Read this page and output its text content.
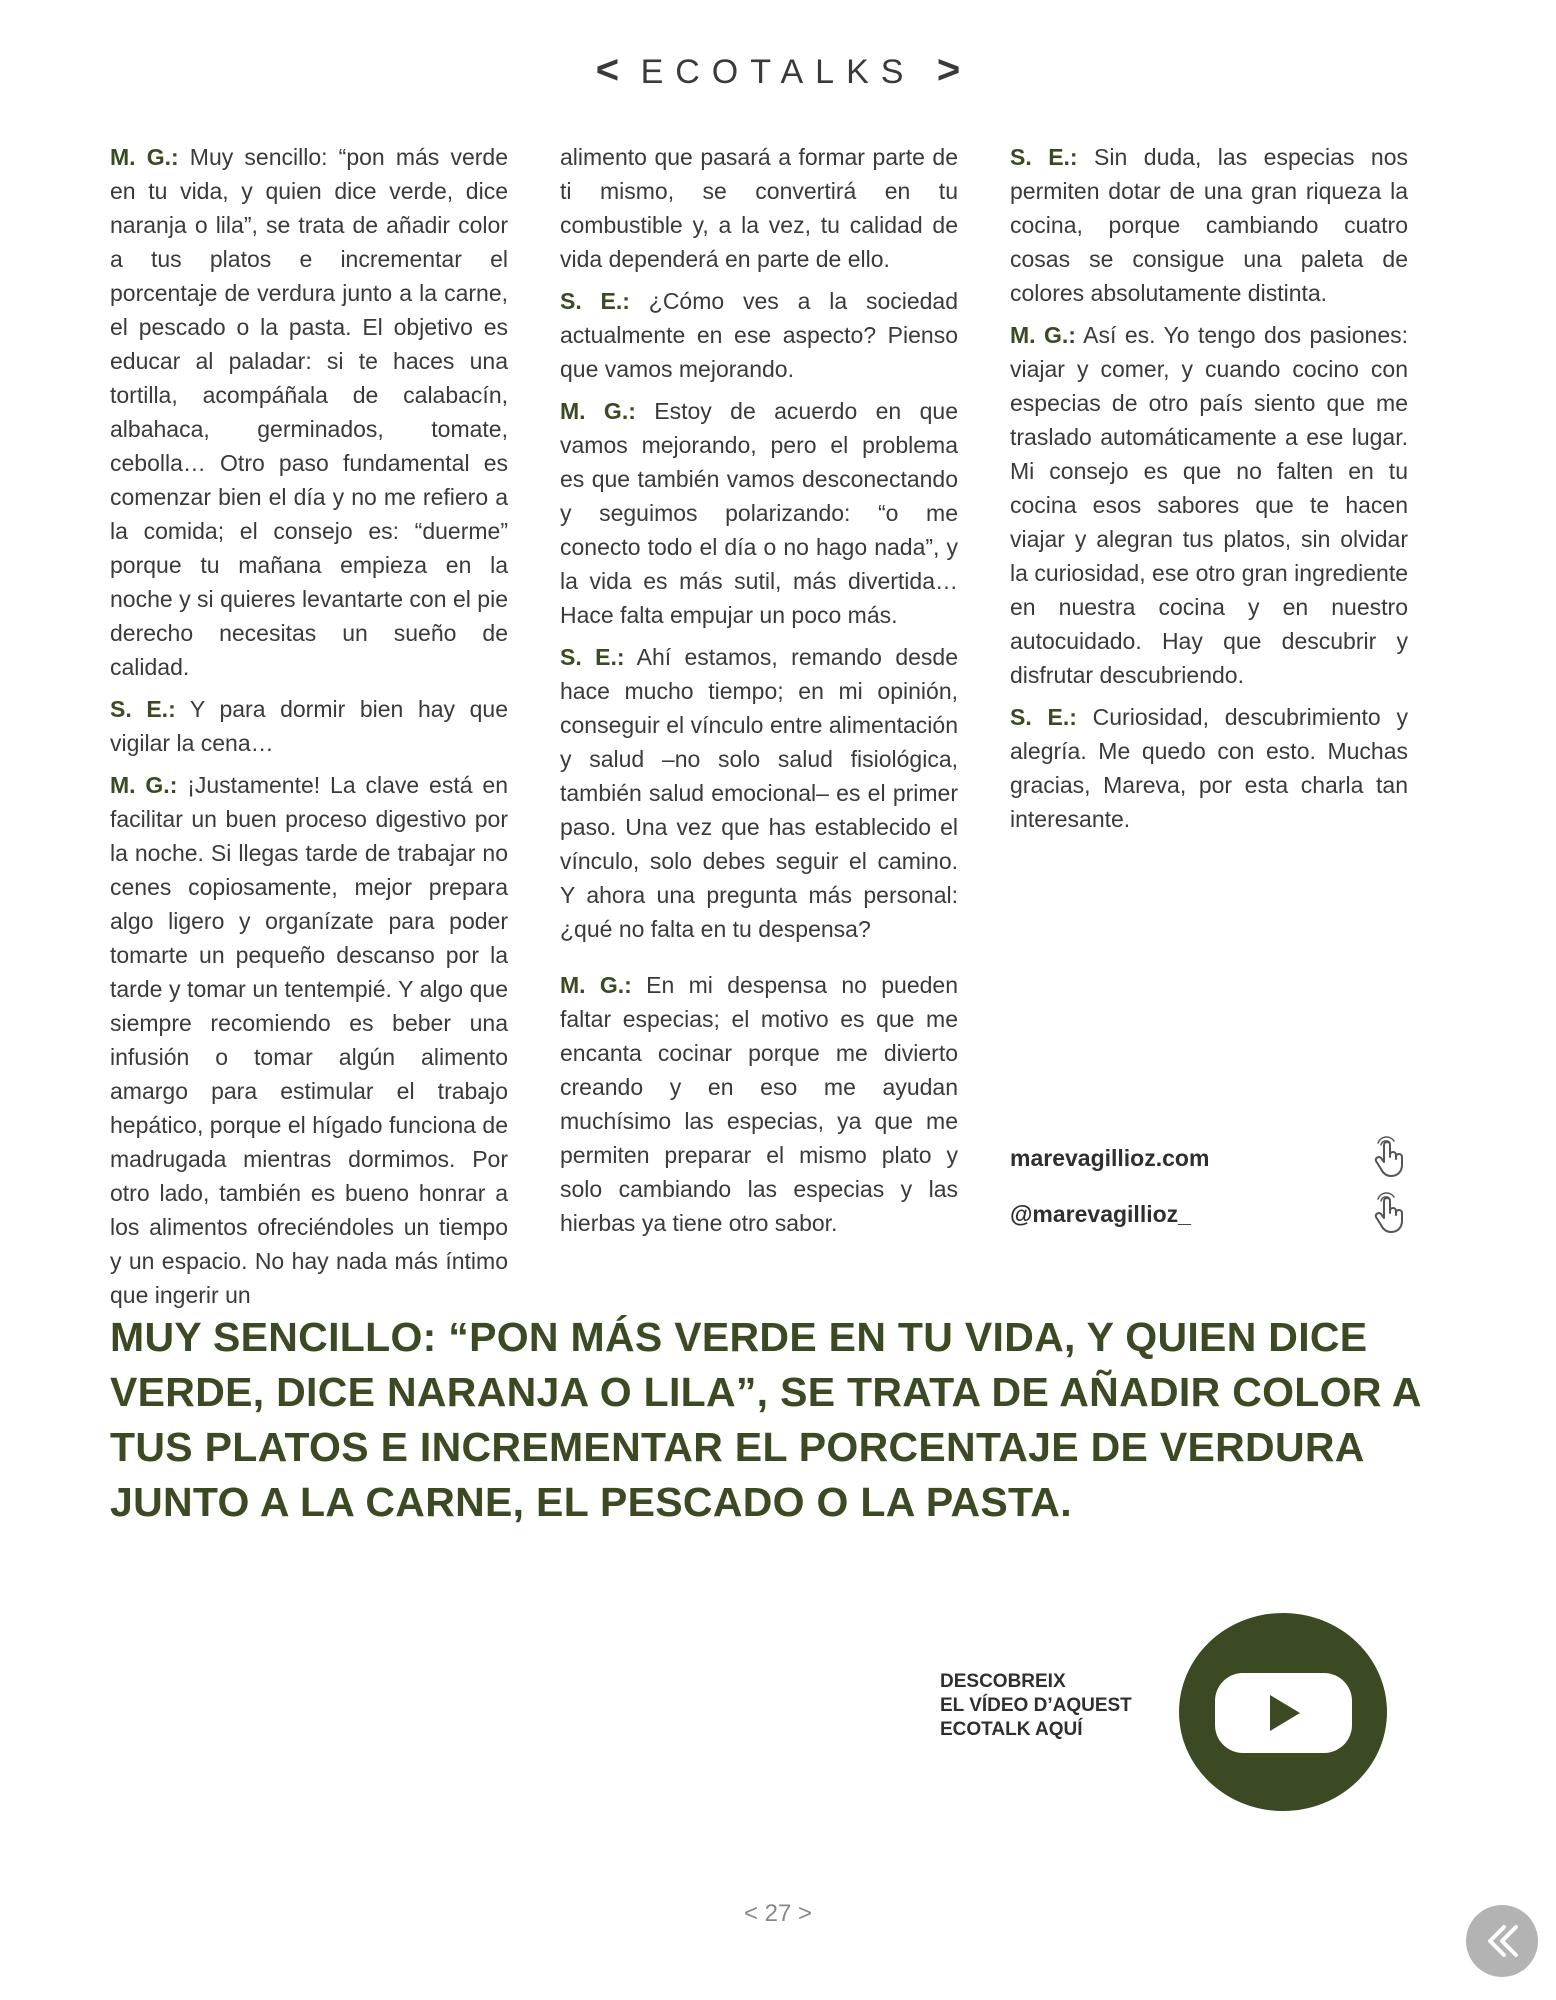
< ECOTALKS >

M. G.: Muy sencillo: “pon más verde en tu vida, y quien dice verde, dice naranja o lila”, se trata de añadir color a tus platos e incrementar el porcentaje de verdura junto a la carne, el pescado o la pasta. El objetivo es educar al paladar: si te haces una tortilla, acompáñala de calabacín, albahaca, germinados, tomate, cebolla… Otro paso fundamental es comenzar bien el día y no me refiero a la comida; el consejo es: “duerme” porque tu mañana empieza en la noche y si quieres levantarte con el pie derecho necesitas un sueño de calidad.

S. E.: Y para dormir bien hay que vigilar la cena…

M. G.: ¡Justamente! La clave está en facilitar un buen proceso digestivo por la noche. Si llegas tarde de trabajar no cenes copiosamente, mejor prepara algo ligero y organízate para poder tomarte un pequeño descanso por la tarde y tomar un tentempié. Y algo que siempre recomiendo es beber una infusión o tomar algún alimento amargo para estimular el trabajo hepático, porque el hígado funciona de madrugada mientras dormimos. Por otro lado, también es bueno honrar a los alimentos ofreciéndoles un tiempo y un espacio. No hay nada más íntimo que ingerir un

alimento que pasará a formar parte de ti mismo, se convertirá en tu combustible y, a la vez, tu calidad de vida dependerá en parte de ello.

S. E.: ¿Cómo ves a la sociedad actualmente en ese aspecto? Pienso que vamos mejorando.

M. G.: Estoy de acuerdo en que vamos mejorando, pero el problema es que también vamos desconectando y seguimos polarizando: “o me conecto todo el día o no hago nada”, y la vida es más sutil, más divertida… Hace falta empujar un poco más.

S. E.: Ahí estamos, remando desde hace mucho tiempo; en mi opinión, conseguir el vínculo entre alimentación y salud –no solo salud fisiológica, también salud emocional– es el primer paso. Una vez que has establecido el vínculo, solo debes seguir el camino. Y ahora una pregunta más personal: ¿qué no falta en tu despensa?

M. G.: En mi despensa no pueden faltar especias; el motivo es que me encanta cocinar porque me divierto creando y en eso me ayudan muchísimo las especias, ya que me permiten preparar el mismo plato y solo cambiando las especias y las hierbas ya tiene otro sabor.

S. E.: Sin duda, las especias nos permiten dotar de una gran riqueza la cocina, porque cambiando cuatro cosas se consigue una paleta de colores absolutamente distinta.

M. G.: Así es. Yo tengo dos pasiones: viajar y comer, y cuando cocino con especias de otro país siento que me traslado automáticamente a ese lugar. Mi consejo es que no falten en tu cocina esos sabores que te hacen viajar y alegran tus platos, sin olvidar la curiosidad, ese otro gran ingrediente en nuestra cocina y en nuestro autocuidado. Hay que descubrir y disfrutar descubriendo.

S. E.: Curiosidad, descubrimiento y alegría. Me quedo con esto. Muchas gracias, Mareva, por esta charla tan interesante.

marevagillioz.com
@marevagillioz_
MUY SENCILLO: “PON MÁS VERDE EN TU VIDA, Y QUIEN DICE VERDE, DICE NARANJA O LILA”, SE TRATA DE AÑADIR COLOR A TUS PLATOS E INCREMENTAR EL PORCENTAJE DE VERDURA JUNTO A LA CARNE, EL PESCADO O LA PASTA.
DESCOBREIX
EL VÍDEO D’AQUEST
ECOTALK AQUÍ
< 27 >
